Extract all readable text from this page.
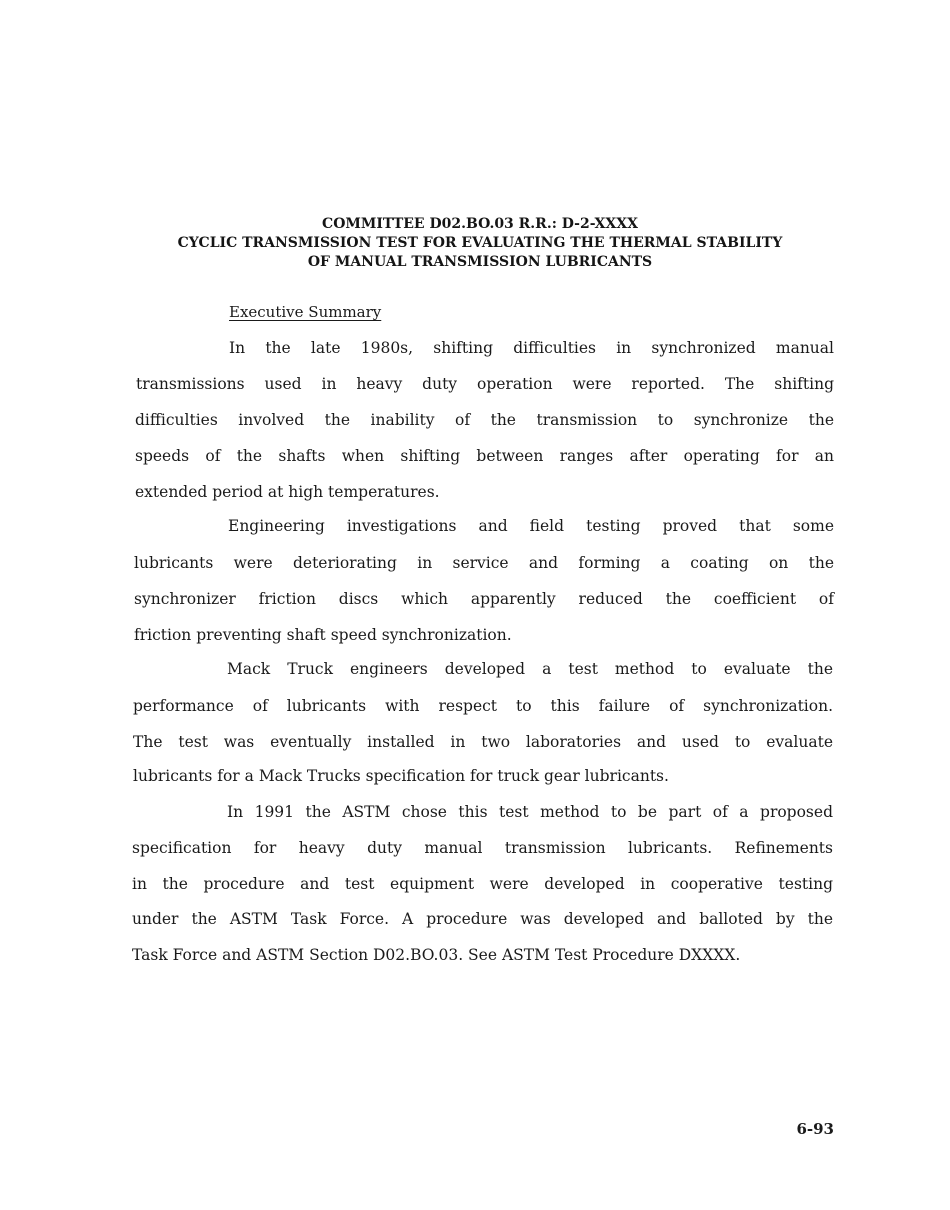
COMMITTEE D02.BO.03 R.R.: D-2-XXXX
CYCLIC TRANSMISSION TEST FOR EVALUATING THE THERMAL STABILITY
OF MANUAL TRANSMISSION LUBRICANTS
Executive Summary
In the late 1980s, shifting difficulties in synchronized manual
transmissions used in heavy duty operation were reported. The shifting
difficulties involved the inability of the transmission to synchronize the
speeds of the shafts when shifting between ranges after operating for an
extended period at high temperatures.
Engineering investigations and field testing proved that some
lubricants were deteriorating in service and forming a coating on the
synchronizer friction discs which apparently reduced the coefficient of
friction preventing shaft speed synchronization.
Mack Truck engineers developed a test method to evaluate the
performance of lubricants with respect to this failure of synchronization.
The test was eventually installed in two laboratories and used to evaluate
lubricants for a Mack Trucks specification for truck gear lubricants.
In 1991 the ASTM chose this test method to be part of a proposed
specification for heavy duty manual transmission lubricants. Refinements
in the procedure and test equipment were developed in cooperative testing
under the ASTM Task Force. A procedure was developed and balloted by the
Task Force and ASTM Section D02.BO.03. See ASTM Test Procedure DXXXX.
6-93
